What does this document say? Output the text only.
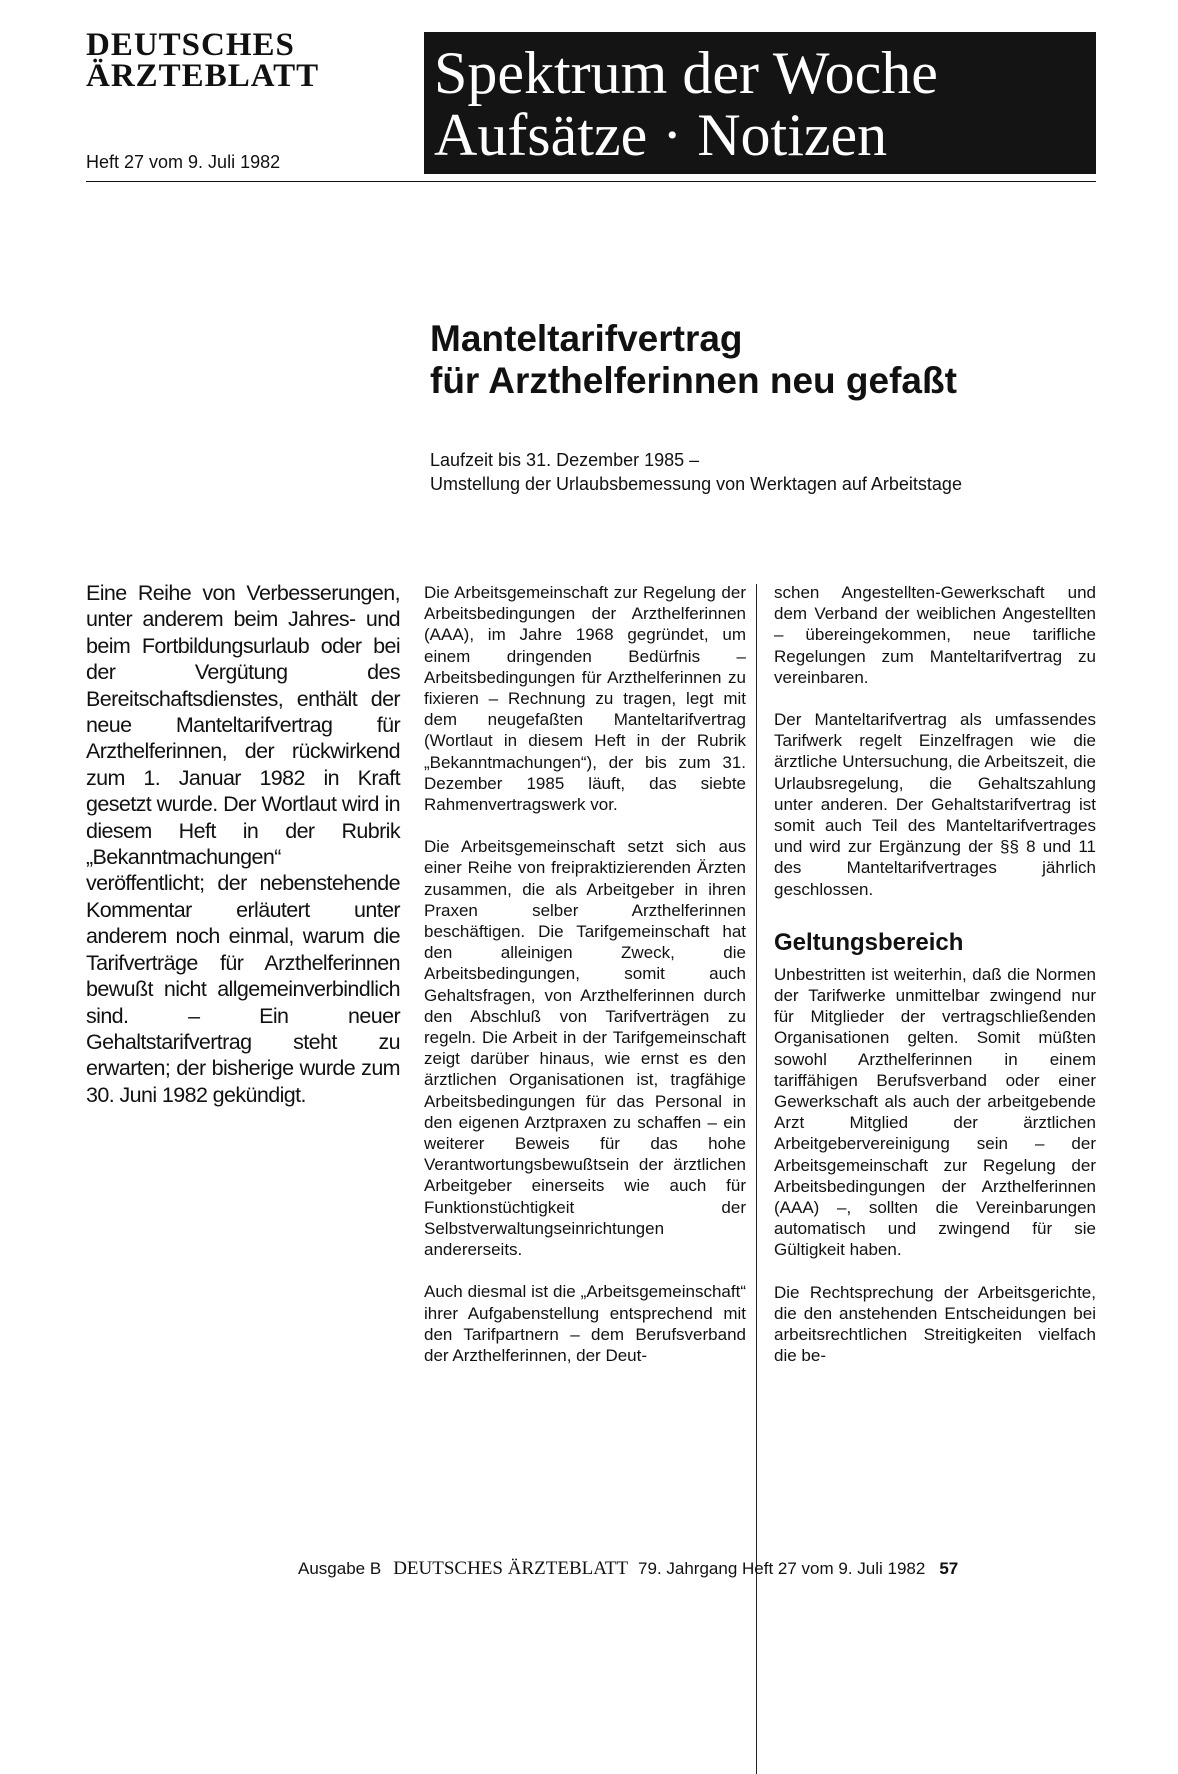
DEUTSCHES
ÄRZTEBLATT
Heft 27 vom 9. Juli 1982
Spektrum der Woche
Aufsätze · Notizen
Manteltarifvertrag
für Arzthelferinnen neu gefaßt
Laufzeit bis 31. Dezember 1985 –
Umstellung der Urlaubsbemessung von Werktagen auf Arbeitstage
Eine Reihe von Verbesserungen, unter anderem beim Jahres- und beim Fortbildungsurlaub oder bei der Vergütung des Bereitschaftsdienstes, enthält der neue Manteltarifvertrag für Arzthelferinnen, der rückwirkend zum 1. Januar 1982 in Kraft gesetzt wurde. Der Wortlaut wird in diesem Heft in der Rubrik „Bekanntmachungen“ veröffentlicht; der nebenstehende Kommentar erläutert unter anderem noch einmal, warum die Tarifverträge für Arzthelferinnen bewußt nicht allgemeinverbindlich sind. – Ein neuer Gehaltstarifvertrag steht zu erwarten; der bisherige wurde zum 30. Juni 1982 gekündigt.

Die Arbeitsgemeinschaft zur Regelung der Arbeitsbedingungen der Arzthelferinnen (AAA), im Jahre 1968 gegründet, um einem dringenden Bedürfnis – Arbeitsbedingungen für Arzthelferinnen zu fixieren – Rechnung zu tragen, legt mit dem neugefaßten Manteltarifvertrag (Wortlaut in diesem Heft in der Rubrik „Bekanntmachungen“), der bis zum 31. Dezember 1985 läuft, das siebte Rahmenvertragswerk vor.

Die Arbeitsgemeinschaft setzt sich aus einer Reihe von freipraktizierenden Ärzten zusammen, die als Arbeitgeber in ihren Praxen selber Arzthelferinnen beschäftigen. Die Tarifgemeinschaft hat den alleinigen Zweck, die Arbeitsbedingungen, somit auch Gehaltsfragen, von Arzthelferinnen durch den Abschluß von Tarifverträgen zu regeln. Die Arbeit in der Tarifgemeinschaft zeigt darüber hinaus, wie ernst es den ärztlichen Organisationen ist, tragfähige Arbeitsbedingungen für das Personal in den eigenen Arztpraxen zu schaffen – ein weiterer Beweis für das hohe Verantwortungsbewußtsein der ärztlichen Arbeitgeber einerseits wie auch für Funktionstüchtigkeit der Selbstverwaltungseinrichtungen andererseits.

Auch diesmal ist die „Arbeitsgemeinschaft“ ihrer Aufgabenstellung entsprechend mit den Tarifpartnern – dem Berufsverband der Arzthelferinnen, der Deut-

schen Angestellten-Gewerkschaft und dem Verband der weiblichen Angestellten – übereingekommen, neue tarifliche Regelungen zum Manteltarifvertrag zu vereinbaren.

Der Manteltarifvertrag als umfassendes Tarifwerk regelt Einzelfragen wie die ärztliche Untersuchung, die Arbeitszeit, die Urlaubsregelung, die Gehaltszahlung unter anderen. Der Gehaltstarifvertrag ist somit auch Teil des Manteltarifvertrages und wird zur Ergänzung der §§ 8 und 11 des Manteltarifvertrages jährlich geschlossen.

Geltungsbereich

Unbestritten ist weiterhin, daß die Normen der Tarifwerke unmittelbar zwingend nur für Mitglieder der vertragschließenden Organisationen gelten. Somit müßten sowohl Arzthelferinnen in einem tariffähigen Berufsverband oder einer Gewerkschaft als auch der arbeitgebende Arzt Mitglied der ärztlichen Arbeitgebervereinigung sein – der Arbeitsgemeinschaft zur Regelung der Arbeitsbedingungen der Arzthelferinnen (AAA) –, sollten die Vereinbarungen automatisch und zwingend für sie Gültigkeit haben.

Die Rechtsprechung der Arbeitsgerichte, die den anstehenden Entscheidungen bei arbeitsrechtlichen Streitigkeiten vielfach die be-

Ausgabe B DEUTSCHES ÄRZTEBLATT 79. Jahrgang Heft 27 vom 9. Juli 1982 57
